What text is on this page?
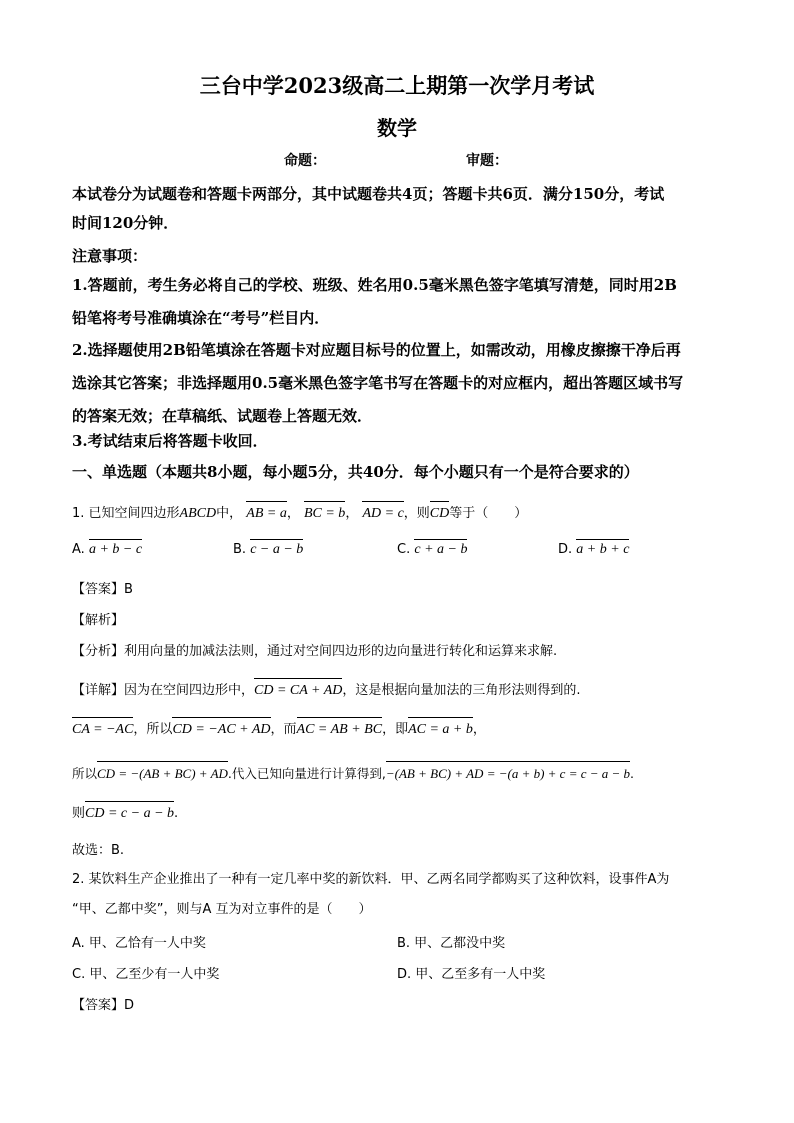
三台中学2023级高二上期第一次学月考试
数学
命题：	审题：
本试卷分为试题卷和答题卡两部分，其中试题卷共4页；答题卡共6页．满分150分，考试
时间120分钟．
注意事项：
1.答题前，考生务必将自己的学校、班级、姓名用0.5毫米黑色签字笔填写清楚，同时用2B
铅笔将考号准确填涂在“考号”栏目内．
2.选择题使用2B铅笔填涂在答题卡对应题目标号的位置上，如需改动，用橡皮擦擦干净后再
选涂其它答案；非选择题用0.5毫米黑色签字笔书写在答题卡的对应框内，超出答题区域书写
的答案无效；在草稿纸、试题卷上答题无效．
3.考试结束后将答题卡收回．
一、单选题（本题共8小题，每小题5分，共40分．每个小题只有一个是符合要求的）
1. 已知空间四边形ABCD中， AB = a， BC = b， AD = c，则CD等于（　　）
A. a + b − c	B. c − a − b	C. c + a − b	D. a + b + c
【答案】B
【解析】
【分析】利用向量的加减法法则，通过对空间四边形的边向量进行转化和运算来求解.
【详解】因为在空间四边形中，CD = CA + AD，这是根据向量加法的三角形法则得到的.
CA = −AC，所以CD = −AC + AD，而AC = AB + BC，即AC = a + b，
所以CD = −(AB + BC) + AD.代入已知向量进行计算得到,−(AB + BC) + AD = −(a + b) + c = c − a − b.
则CD = c − a − b.
故选：B.
2. 某饮料生产企业推出了一种有一定几率中奖的新饮料．甲、乙两名同学都购买了这种饮料，设事件A为
“甲、乙都中奖”，则与A 互为对立事件的是（　　）
A. 甲、乙恰有一人中奖	B. 甲、乙都没中奖
C. 甲、乙至少有一人中奖	D. 甲、乙至多有一人中奖
【答案】D
